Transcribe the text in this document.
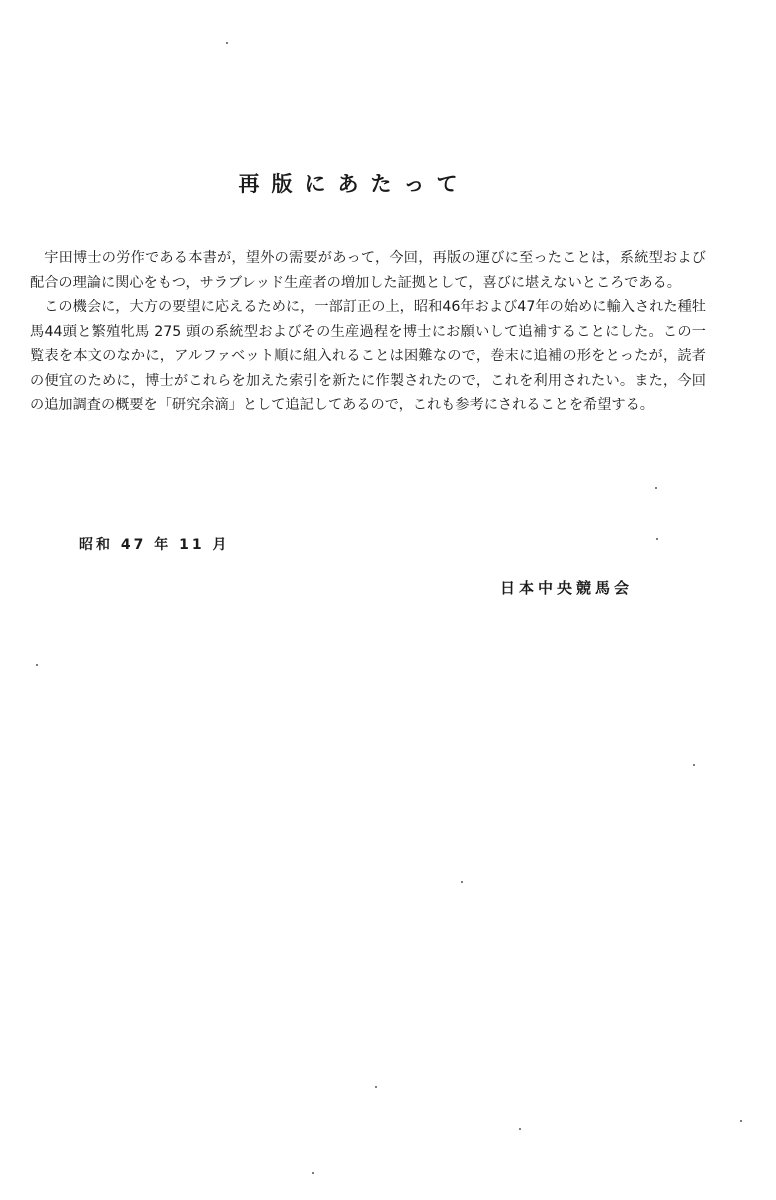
再版にあたって

宇田博士の労作である本書が，望外の需要があって，今回，再版の運びに至ったことは，系統型および配合の理論に関心をもつ，サラブレッド生産者の増加した証拠として，喜びに堪えないところである。

この機会に，大方の要望に応えるために，一部訂正の上，昭和46年および47年の始めに輸入された種牡馬44頭と繁殖牝馬 275 頭の系統型およびその生産過程を博士にお願いして追補することにした。この一覧表を本文のなかに，アルファベット順に組入れることは困難なので，巻末に追補の形をとったが，読者の便宜のために，博士がこれらを加えた索引を新たに作製されたので，これを利用されたい。また，今回の追加調査の概要を「研究余滴」として追記してあるので，これも参考にされることを希望する。

昭和 47 年 11 月
日本中央競馬会
